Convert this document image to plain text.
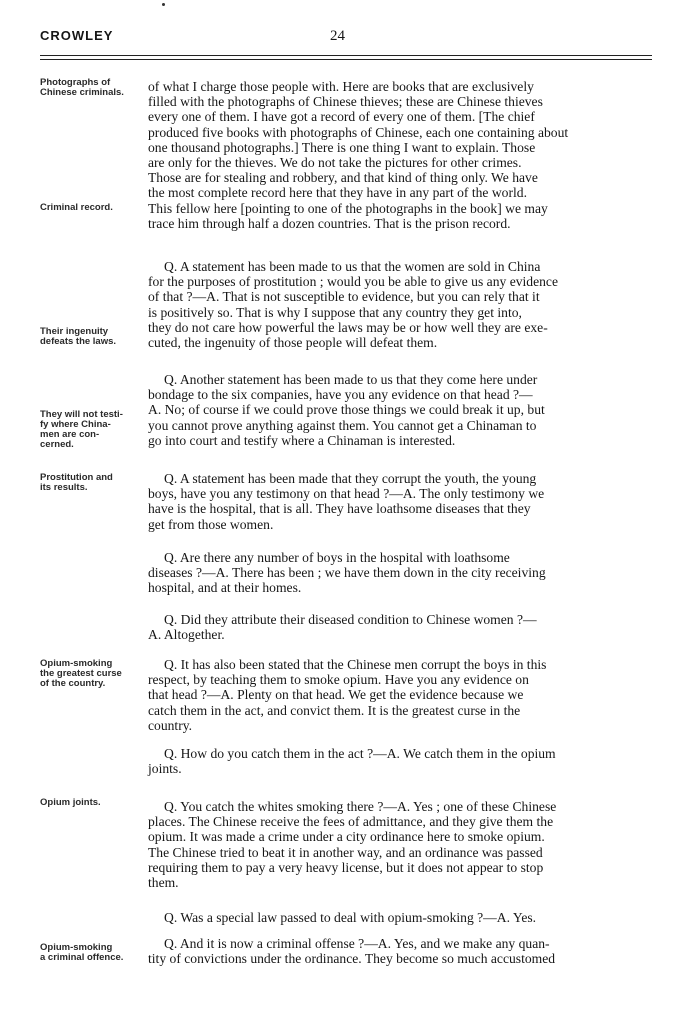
CROWLEY	24
Photographs of
Chinese criminals.
Criminal record.
Their ingenuity
defeats the laws.
They will not testi-
fy where China-
men are con-
cerned.
Prostitution and
its results.
Opium-smoking
the greatest curse
of the country.
Opium joints.
Opium-smoking
a criminal offence.
of what I charge those people with. Here are books that are exclusively
filled with the photographs of Chinese thieves; these are Chinese thieves
every one of them. I have got a record of every one of them. [The chief
produced five books with photographs of Chinese, each one containing about
one thousand photographs.] There is one thing I want to explain. Those
are only for the thieves. We do not take the pictures for other crimes.
Those are for stealing and robbery, and that kind of thing only. We have
the most complete record here that they have in any part of the world.
This fellow here [pointing to one of the photographs in the book] we may
trace him through half a dozen countries. That is the prison record.
Q. A statement has been made to us that the women are sold in China
for the purposes of prostitution ; would you be able to give us any evidence
of that ?—A. That is not susceptible to evidence, but you can rely that it
is positively so. That is why I suppose that any country they get into,
they do not care how powerful the laws may be or how well they are exe-
cuted, the ingenuity of those people will defeat them.
Q. Another statement has been made to us that they come here under
bondage to the six companies, have you any evidence on that head ?—
A. No; of course if we could prove those things we could break it up, but
you cannot prove anything against them. You cannot get a Chinaman to
go into court and testify where a Chinaman is interested.
Q. A statement has been made that they corrupt the youth, the young
boys, have you any testimony on that head ?—A. The only testimony we
have is the hospital, that is all. They have loathsome diseases that they
get from those women.
Q. Are there any number of boys in the hospital with loathsome
diseases ?—A. There has been ; we have them down in the city receiving
hospital, and at their homes.
Q. Did they attribute their diseased condition to Chinese women ?—
A. Altogether.
Q. It has also been stated that the Chinese men corrupt the boys in this
respect, by teaching them to smoke opium. Have you any evidence on
that head ?—A. Plenty on that head. We get the evidence because we
catch them in the act, and convict them. It is the greatest curse in the
country.
Q. How do you catch them in the act ?—A. We catch them in the opium
joints.
Q. You catch the whites smoking there ?—A. Yes ; one of these Chinese
places. The Chinese receive the fees of admittance, and they give them the
opium. It was made a crime under a city ordinance here to smoke opium.
The Chinese tried to beat it in another way, and an ordinance was passed
requiring them to pay a very heavy license, but it does not appear to stop
them.
Q. Was a special law passed to deal with opium-smoking ?—A. Yes.
Q. And it is now a criminal offense ?—A. Yes, and we make any quan-
tity of convictions under the ordinance. They become so much accustomed
